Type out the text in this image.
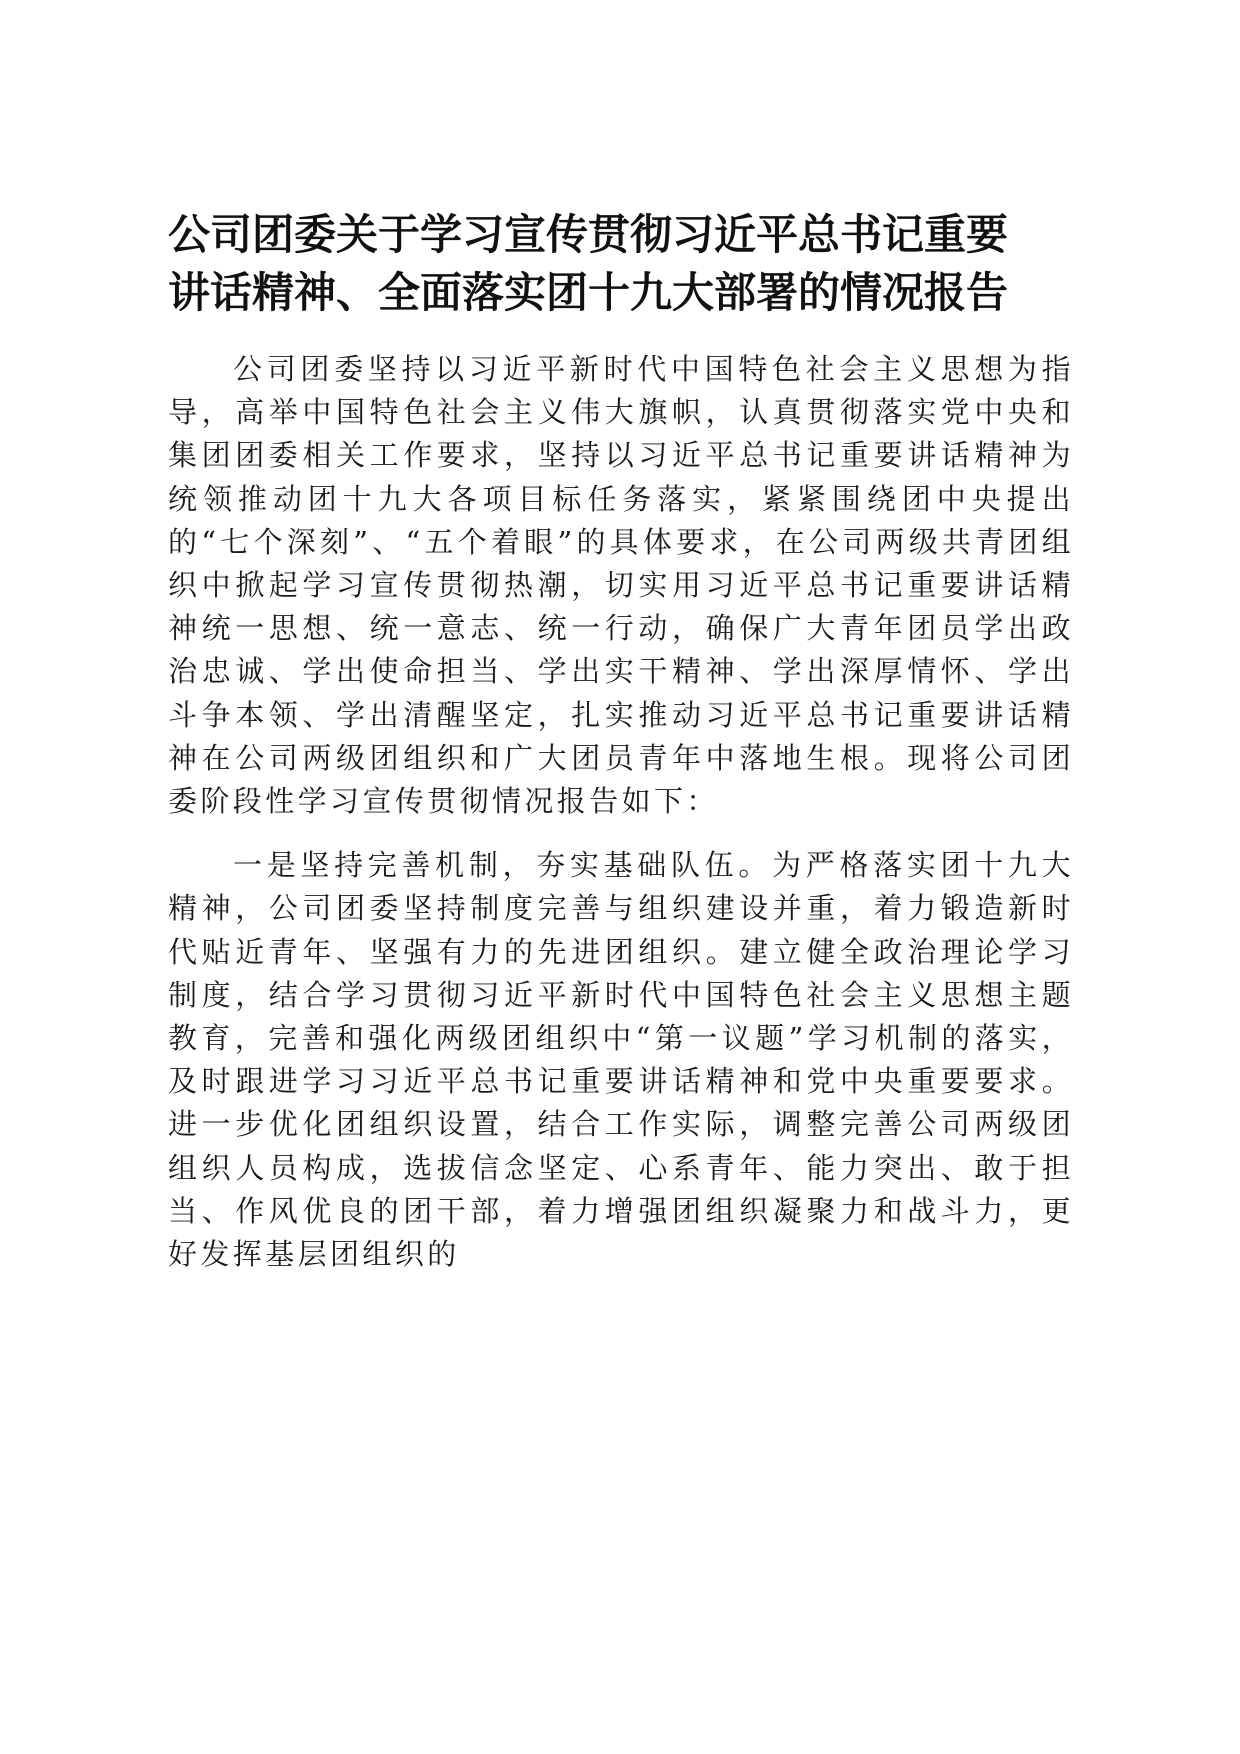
公司团委关于学习宣传贯彻习近平总书记重要
讲话精神、全面落实团十九大部署的情况报告

公司团委坚持以习近平新时代中国特色社会主义思想为指导，高举中国特色社会主义伟大旗帜，认真贯彻落实党中央和集团团委相关工作要求，坚持以习近平总书记重要讲话精神为统领推动团十九大各项目标任务落实，紧紧围绕团中央提出的“七个深刻”、“五个着眼”的具体要求，在公司两级共青团组织中掀起学习宣传贯彻热潮，切实用习近平总书记重要讲话精神统一思想、统一意志、统一行动，确保广大青年团员学出政治忠诚、学出使命担当、学出实干精神、学出深厚情怀、学出斗争本领、学出清醒坚定，扎实推动习近平总书记重要讲话精神在公司两级团组织和广大团员青年中落地生根。现将公司团委阶段性学习宣传贯彻情况报告如下：

一是坚持完善机制，夯实基础队伍。为严格落实团十九大精神，公司团委坚持制度完善与组织建设并重，着力锻造新时代贴近青年、坚强有力的先进团组织。建立健全政治理论学习制度，结合学习贯彻习近平新时代中国特色社会主义思想主题教育，完善和强化两级团组织中“第一议题”学习机制的落实，及时跟进学习习近平总书记重要讲话精神和党中央重要要求。进一步优化团组织设置，结合工作实际，调整完善公司两级团组织人员构成，选拔信念坚定、心系青年、能力突出、敢于担当、作风优良的团干部，着力增强团组织凝聚力和战斗力，更好发挥基层团组织的
